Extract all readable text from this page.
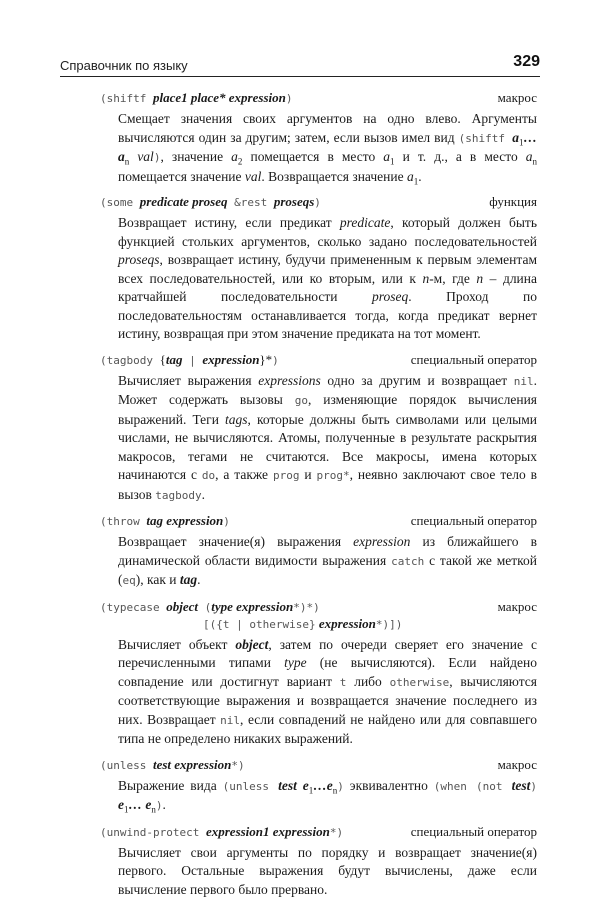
Справочник по языку	329
(shiftf place1 place* expression)	макрос
Смещает значения своих аргументов на одно влево. Аргументы вычисляются один за другим; затем, если вызов имел вид (shiftf $a_1\dots a_n$ val), значение $a_2$ помещается в место $a_1$ и т. д., а в место $a_n$ помещается значение val. Возвращается значение $a_1$.
(some predicate proseq &rest proseqs)	функция
Возвращает истину, если предикат predicate, который должен быть функцией стольких аргументов, сколько задано последовательностей proseqs, возвращает истину, будучи примененным к первым элементам всех последовательностей, или ко вторым, или к n-м, где n – длина кратчайшей последовательности proseq. Проход по последовательностям останавливается тогда, когда предикат вернет истину, возвращая при этом значение предиката на тот момент.
(tagbody {tag | expression}*)	специальный оператор
Вычисляет выражения expressions одно за другим и возвращает nil. Может содержать вызовы go, изменяющие порядок вычисления выражений. Теги tags, которые должны быть символами или целыми числами, не вычисляются. Атомы, полученные в результате раскрытия макросов, тегами не считаются. Все макросы, имена которых начинаются с do, а также prog и prog*, неявно заключают свое тело в вызов tagbody.
(throw tag expression)	специальный оператор
Возвращает значение(я) выражения expression из ближайшего в динамической области видимости выражения catch с такой же меткой (eq), как и tag.
(typecase object (type expression*)*)	макрос
[({t | otherwise} expression*)])
Вычисляет объект object, затем по очереди сверяет его значение с перечисленными типами type (не вычисляются). Если найдено совпадение или достигнут вариант t либо otherwise, вычисляются соответствующие выражения и возвращается значение последнего из них. Возвращает nil, если совпадений не найдено или для совпавшего типа не определено никаких выражений.
(unless test expression*)	макрос
Выражение вида (unless test $e_1\dots e_n$) эквивалентно (when (not test) $e_1\dots$ $e_n$).
(unwind-protect expression1 expression*)	специальный оператор
Вычисляет свои аргументы по порядку и возвращает значение(я) первого. Остальные выражения будут вычислены, даже если вычисление первого было прервано.
